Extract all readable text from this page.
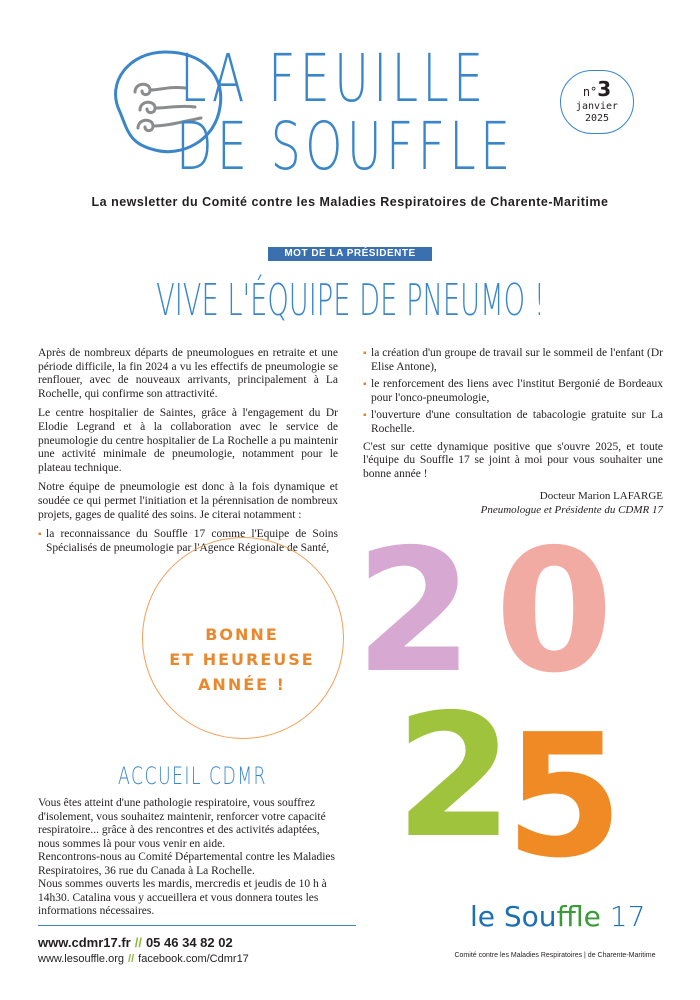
LA FEUILLE
DE SOUFFLE
n°3
janvier
2025
La newsletter du Comité contre les Maladies Respiratoires de Charente-Maritime
MOT DE LA PRÉSIDENTE
VIVE L'ÉQUIPE DE PNEUMO !

Après de nombreux départs de pneumologues en retraite et une période difficile, la fin 2024 a vu les effectifs de pneumologie se renflouer, avec de nouveaux arrivants, principalement à La Rochelle, qui confirme son attractivité.

Le centre hospitalier de Saintes, grâce à l'engagement du Dr Elodie Legrand et à la collaboration avec le service de pneumologie du centre hospitalier de La Rochelle a pu maintenir une activité minimale de pneumologie, notamment pour le plateau technique.

Notre équipe de pneumologie est donc à la fois dynamique et soudée ce qui permet l'initiation et la pérennisation de nombreux projets, gages de qualité des soins. Je citerai notamment :

▪ la reconnaissance du Souffle 17 comme l'Equipe de Soins Spécialisés de pneumologie par l'Agence Régionale de Santé,
▪ la création d'un groupe de travail sur le sommeil de l'enfant (Dr Elise Antone),
▪ le renforcement des liens avec l'institut Bergonié de Bordeaux pour l'onco-pneumologie,
▪ l'ouverture d'une consultation de tabacologie gratuite sur La Rochelle.

C'est sur cette dynamique positive que s'ouvre 2025, et toute l'équipe du Souffle 17 se joint à moi pour vous souhaiter une bonne année !

Docteur Marion LAFARGE
Pneumologue et Présidente du CDMR 17
BONNE
ET HEUREUSE
ANNÉE ! 2 0
2
5
ACCUEIL CDMR

Vous êtes atteint d'une pathologie respiratoire, vous souffrez d'isolement, vous souhaitez maintenir, renforcer votre capacité respiratoire... grâce à des rencontres et des activités adaptées, nous sommes là pour vous venir en aide.

Rencontrons-nous au Comité Départemental contre les Maladies Respiratoires, 36 rue du Canada à La Rochelle.

Nous sommes ouverts les mardis, mercredis et jeudis de 10 h à 14h30. Catalina vous y accueillera et vous donnera toutes les informations nécessaires.

www.cdmr17.fr // 05 46 34 82 02
www.lesouffle.org // facebook.com/Cdmr17
le Souffle 17
Comité contre les Maladies Respiratoires | de Charente-Maritime
